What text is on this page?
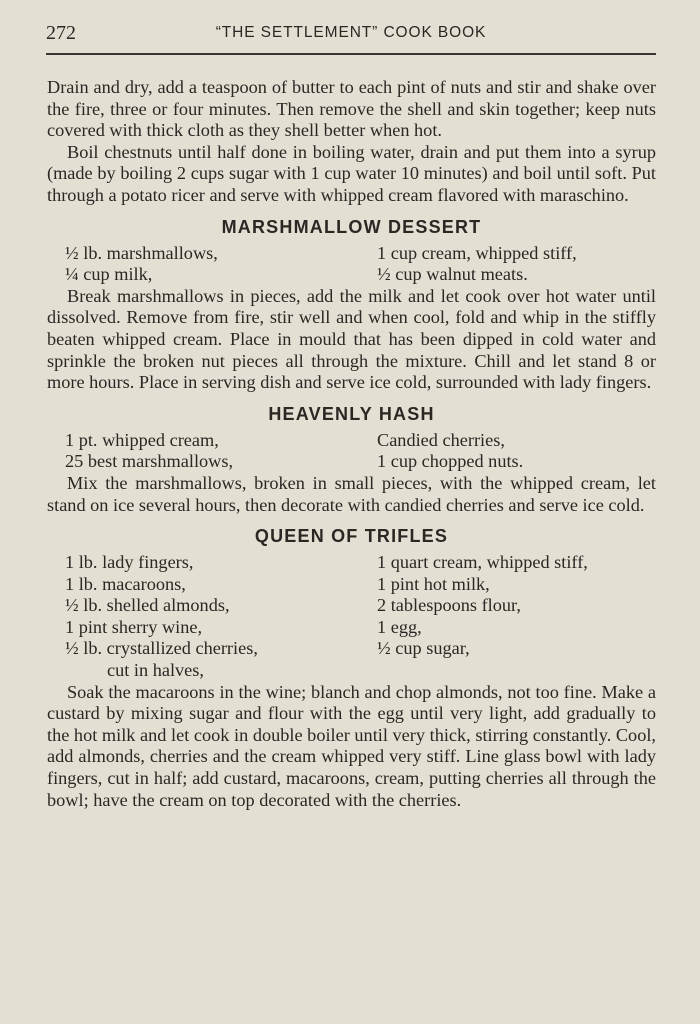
272	“THE SETTLEMENT” COOK BOOK

Drain and dry, add a teaspoon of butter to each pint of nuts and stir and shake over the fire, three or four minutes. Then remove the shell and skin together; keep nuts covered with thick cloth as they shell better when hot.

Boil chestnuts until half done in boiling water, drain and put them into a syrup (made by boiling 2 cups sugar with 1 cup water 10 minutes) and boil until soft. Put through a potato ricer and serve with whipped cream flavored with maraschino.

MARSHMALLOW DESSERT
½ lb. marshmallows,
¼ cup milk,
1 cup cream, whipped stiff,
½ cup walnut meats.

Break marshmallows in pieces, add the milk and let cook over hot water until dissolved. Remove from fire, stir well and when cool, fold and whip in the stiffly beaten whipped cream. Place in mould that has been dipped in cold water and sprinkle the broken nut pieces all through the mixture. Chill and let stand 8 or more hours. Place in serving dish and serve ice cold, surrounded with lady fingers.

HEAVENLY HASH
1 pt. whipped cream,
25 best marshmallows,
Candied cherries,
1 cup chopped nuts.

Mix the marshmallows, broken in small pieces, with the whipped cream, let stand on ice several hours, then decorate with candied cherries and serve ice cold.

QUEEN OF TRIFLES
1 lb. lady fingers,
1 lb. macaroons,
½ lb. shelled almonds,
1 pint sherry wine,
½ lb. crystallized cherries,
cut in halves,
1 quart cream, whipped stiff,
1 pint hot milk,
2 tablespoons flour,
1 egg,
½ cup sugar,

Soak the macaroons in the wine; blanch and chop almonds, not too fine. Make a custard by mixing sugar and flour with the egg until very light, add gradually to the hot milk and let cook in double boiler until very thick, stirring constantly. Cool, add almonds, cherries and the cream whipped very stiff. Line glass bowl with lady fingers, cut in half; add custard, macaroons, cream, putting cherries all through the bowl; have the cream on top decorated with the cherries.
